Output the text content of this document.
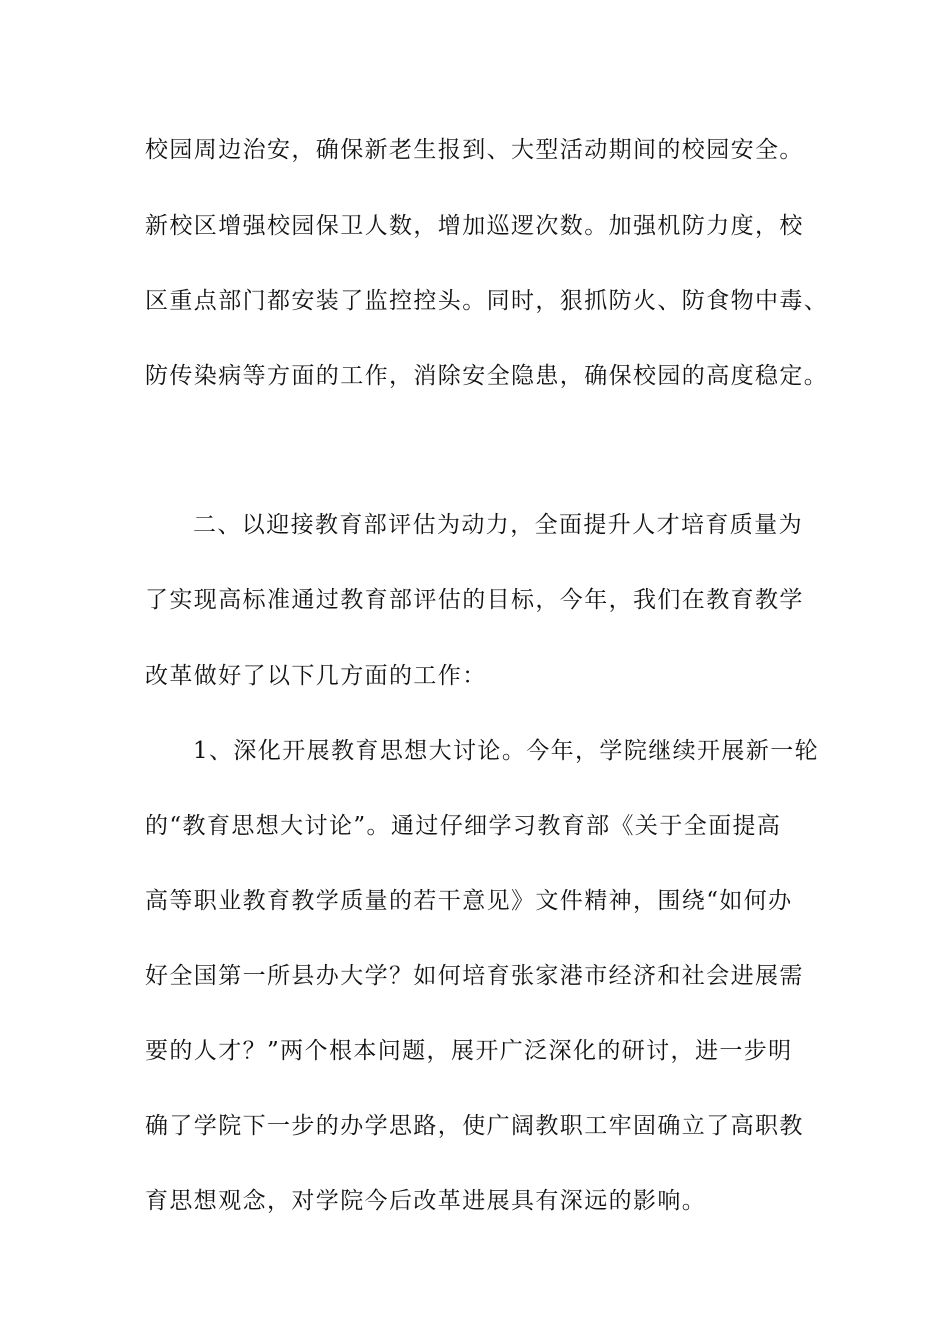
校园周边治安，确保新老生报到、大型活动期间的校园安全。
新校区增强校园保卫人数，增加巡逻次数。加强机防力度，校
区重点部门都安装了监控控头。同时，狠抓防火、防食物中毒、
防传染病等方面的工作，消除安全隐患，确保校园的高度稳定。
二、以迎接教育部评估为动力，全面提升人才培育质量为
了实现高标准通过教育部评估的目标，今年，我们在教育教学
改革做好了以下几方面的工作：
1、深化开展教育思想大讨论。今年，学院继续开展新一轮
的“教育思想大讨论”。通过仔细学习教育部《关于全面提高
高等职业教育教学质量的若干意见》文件精神，围绕“如何办
好全国第一所县办大学？如何培育张家港市经济和社会进展需
要的人才？”两个根本问题，展开广泛深化的研讨，进一步明
确了学院下一步的办学思路，使广阔教职工牢固确立了高职教
育思想观念，对学院今后改革进展具有深远的影响。
